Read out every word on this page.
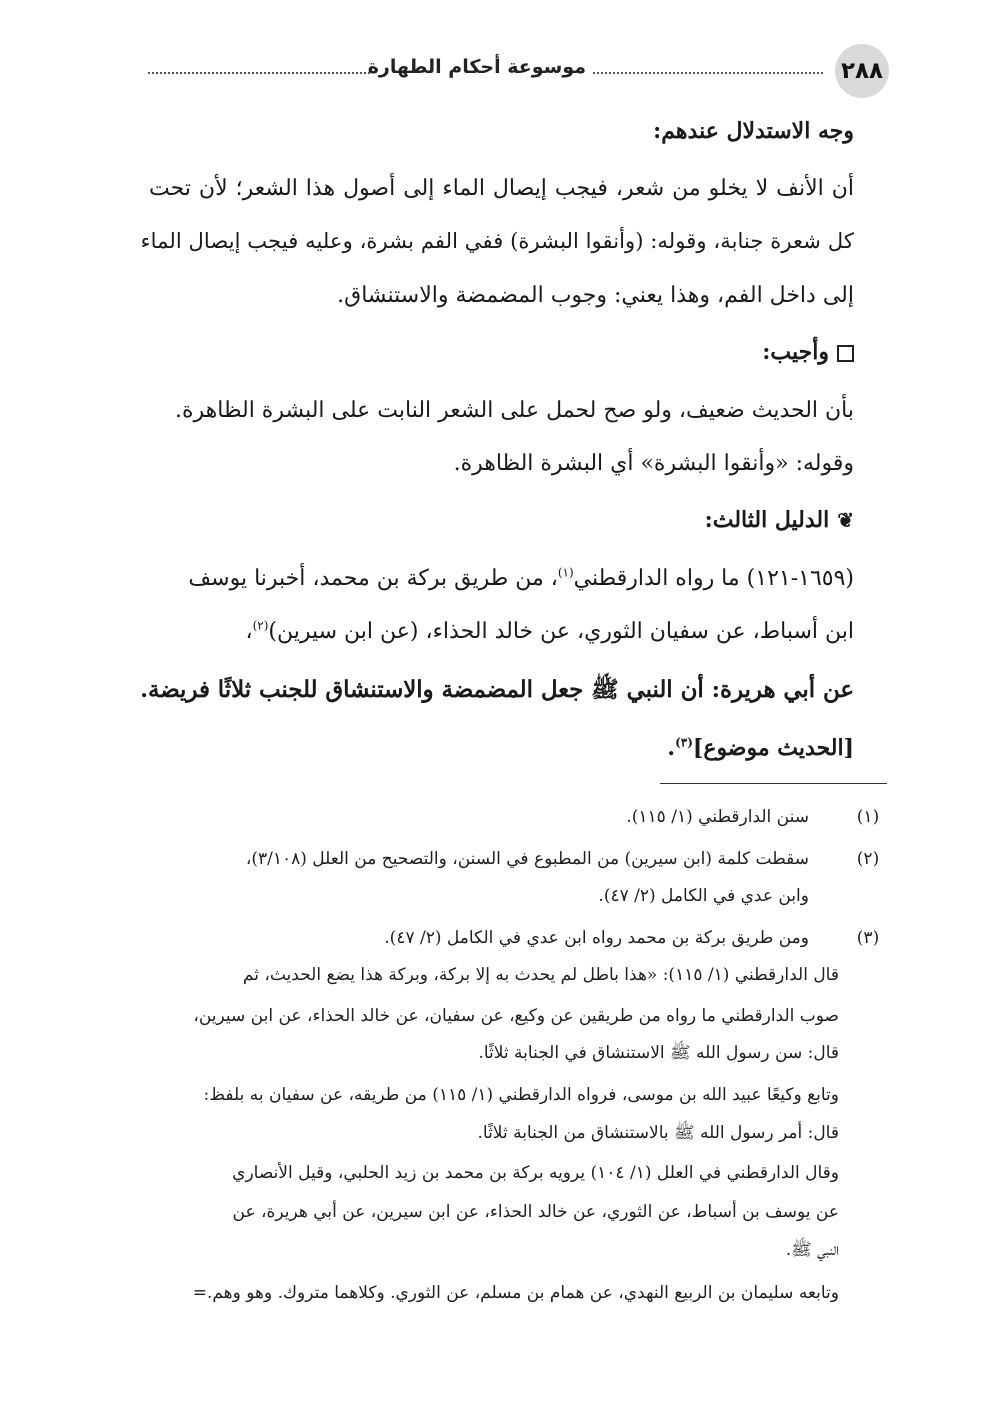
٢٨٨
موسوعة أحكام الطهارة
وجه الاستدلال عندهم:
أن الأنف لا يخلو من شعر، فيجب إيصال الماء إلى أصول هذا الشعر؛ لأن تحت
كل شعرة جنابة، وقوله: (وأنقوا البشرة) ففي الفم بشرة، وعليه فيجب إيصال الماء
إلى داخل الفم، وهذا يعني: وجوب المضمضة والاستنشاق.
وأجيب:
بأن الحديث ضعيف، ولو صح لحمل على الشعر النابت على البشرة الظاهرة.
وقوله: «وأنقوا البشرة» أي البشرة الظاهرة.
❦الدليل الثالث:
(١٦٥٩-١٢١) ما رواه الدارقطني$^{(١)}$، من طريق بركة بن محمد، أخبرنا يوسف
ابن أسباط، عن سفيان الثوري، عن خالد الحذاء، (عن ابن سيرين)$^{(٢)}$،
عن أبي هريرة: أن النبي ﷺ جعل المضمضة والاستنشاق للجنب ثلاثًا فريضة.
[الحديث موضوع]$^{(٣)}$.
(١)
سنن الدارقطني (١/ ١١٥).
(٢)
سقطت كلمة (ابن سيرين) من المطبوع في السنن، والتصحيح من العلل (٣/١٠٨)،
وابن عدي في الكامل (٢/ ٤٧).
(٣)
ومن طريق بركة بن محمد رواه ابن عدي في الكامل (٢/ ٤٧).
قال الدارقطني (١/ ١١٥): «هذا باطل لم يحدث به إلا بركة، وبركة هذا يضع الحديث، ثم
صوب الدارقطني ما رواه من طريقين عن وكيع، عن سفيان، عن خالد الحذاء، عن ابن سيرين،
قال: سن رسول الله ﷺ الاستنشاق في الجنابة ثلاثًا.
وتابع وكيعًا عبيد الله بن موسى، فرواه الدارقطني (١/ ١١٥) من طريقه، عن سفيان به بلفظ:
قال: أمر رسول الله ﷺ بالاستنشاق من الجنابة ثلاثًا.
وقال الدارقطني في العلل (١/ ١٠٤) يرويه بركة بن محمد بن زيد الحلبي، وقيل الأنصاري
عن يوسف بن أسباط، عن الثوري، عن خالد الحذاء، عن ابن سيرين، عن أبي هريرة، عن
النبي ﷺ.
وتابعه سليمان بن الربيع النهدي، عن همام بن مسلم، عن الثوري. وكلاهما متروك. وهو وهم.=
